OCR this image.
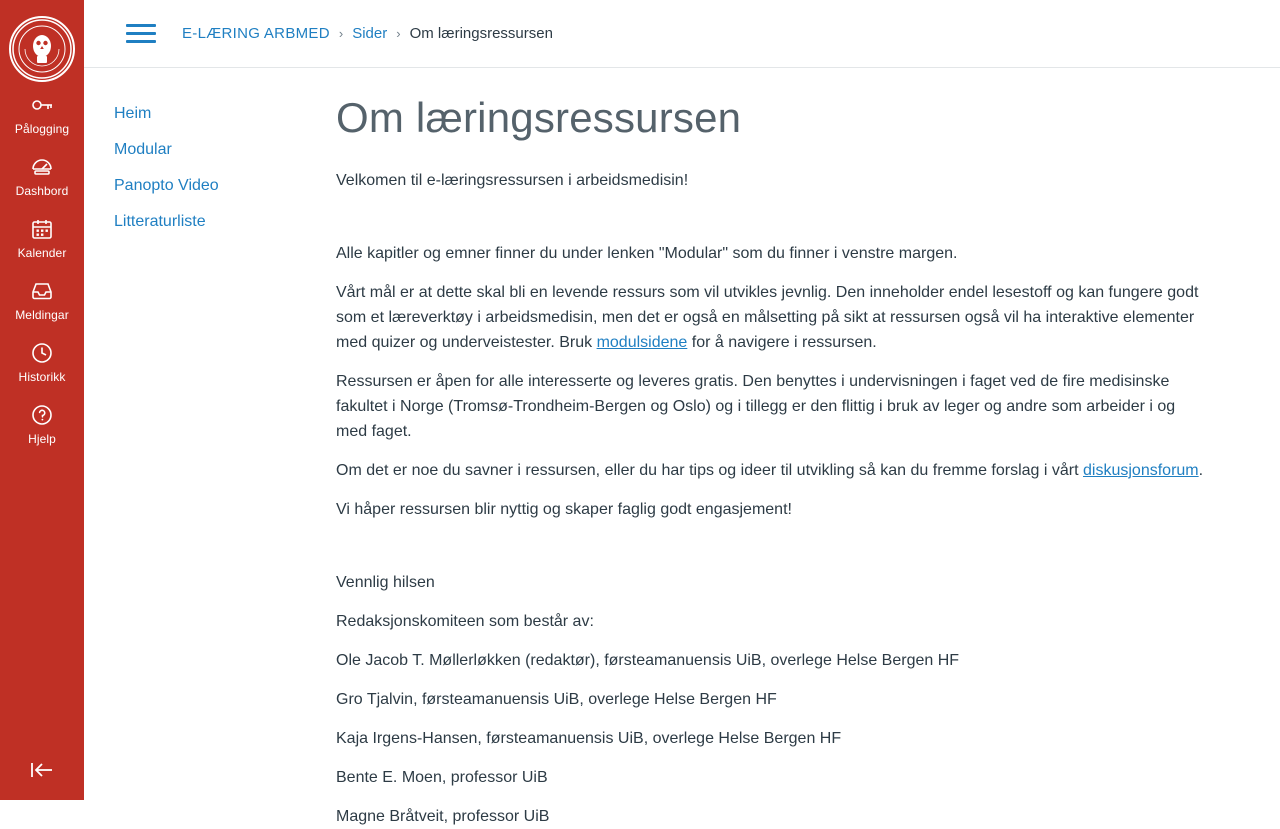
Pålogging
Dashbord
Kalender
Meldingar
Historikk
Hjelp
E-LÆRING ARBMED › Sider › Om læringsressursen
Heim
Modular
Panopto Video
Litteraturliste
Om læringsressursen

Velkomen til e-læringsressursen i arbeidsmedisin!

Alle kapitler og emner finner du under lenken "Modular" som du finner i venstre margen.

Vårt mål er at dette skal bli en levende ressurs som vil utvikles jevnlig. Den inneholder endel lesestoff og kan fungere godt som et læreverktøy i arbeidsmedisin, men det er også en målsetting på sikt at ressursen også vil ha interaktive elementer med quizer og underveistester. Bruk modulsidene for å navigere i ressursen.

Ressursen er åpen for alle interesserte og leveres gratis. Den benyttes i undervisningen i faget ved de fire medisinske fakultet i Norge (Tromsø-Trondheim-Bergen og Oslo) og i tillegg er den flittig i bruk av leger og andre som arbeider i og med faget.

Om det er noe du savner i ressursen, eller du har tips og ideer til utvikling så kan du fremme forslag i vårt diskusjonsforum.

Vi håper ressursen blir nyttig og skaper faglig godt engasjement!

Vennlig hilsen

Redaksjonskomiteen som består av:

Ole Jacob T. Møllerløkken (redaktør), førsteamanuensis UiB, overlege Helse Bergen HF

Gro Tjalvin, førsteamanuensis UiB, overlege Helse Bergen HF

Kaja Irgens-Hansen, førsteamanuensis UiB, overlege Helse Bergen HF

Bente E. Moen, professor UiB

Magne Bråtveit, professor UiB
